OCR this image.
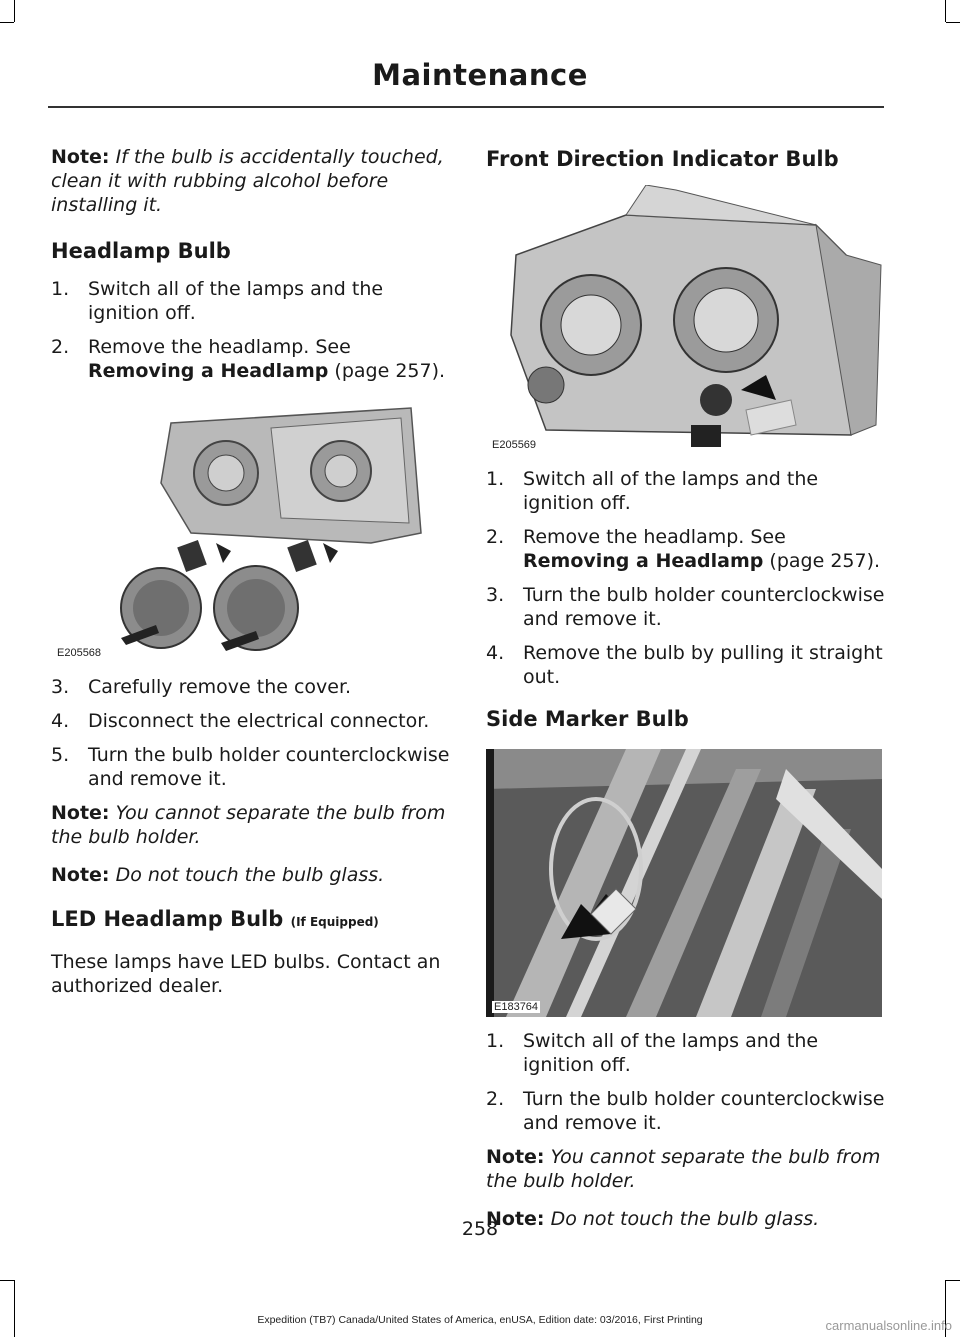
Maintenance

Note: If the bulb is accidentally touched, clean it with rubbing alcohol before installing it.

Headlamp Bulb
1. Switch all of the lamps and the ignition off.
2. Remove the headlamp. See Removing a Headlamp (page 257).
E205568
3. Carefully remove the cover.
4. Disconnect the electrical connector.
5. Turn the bulb holder counterclockwise and remove it.

Note: You cannot separate the bulb from the bulb holder.

Note: Do not touch the bulb glass.

LED Headlamp Bulb (If Equipped)

These lamps have LED bulbs. Contact an authorized dealer.

Front Direction Indicator Bulb
E205569
1. Switch all of the lamps and the ignition off.
2. Remove the headlamp. See Removing a Headlamp (page 257).
3. Turn the bulb holder counterclockwise and remove it.
4. Remove the bulb by pulling it straight out.
Side Marker Bulb
E183764
1. Switch all of the lamps and the ignition off.
2. Turn the bulb holder counterclockwise and remove it.

Note: You cannot separate the bulb from the bulb holder.

Note: Do not touch the bulb glass.

258
Expedition (TB7) Canada/United States of America, enUSA, Edition date: 03/2016, First Printing	carmanualsonline.info
